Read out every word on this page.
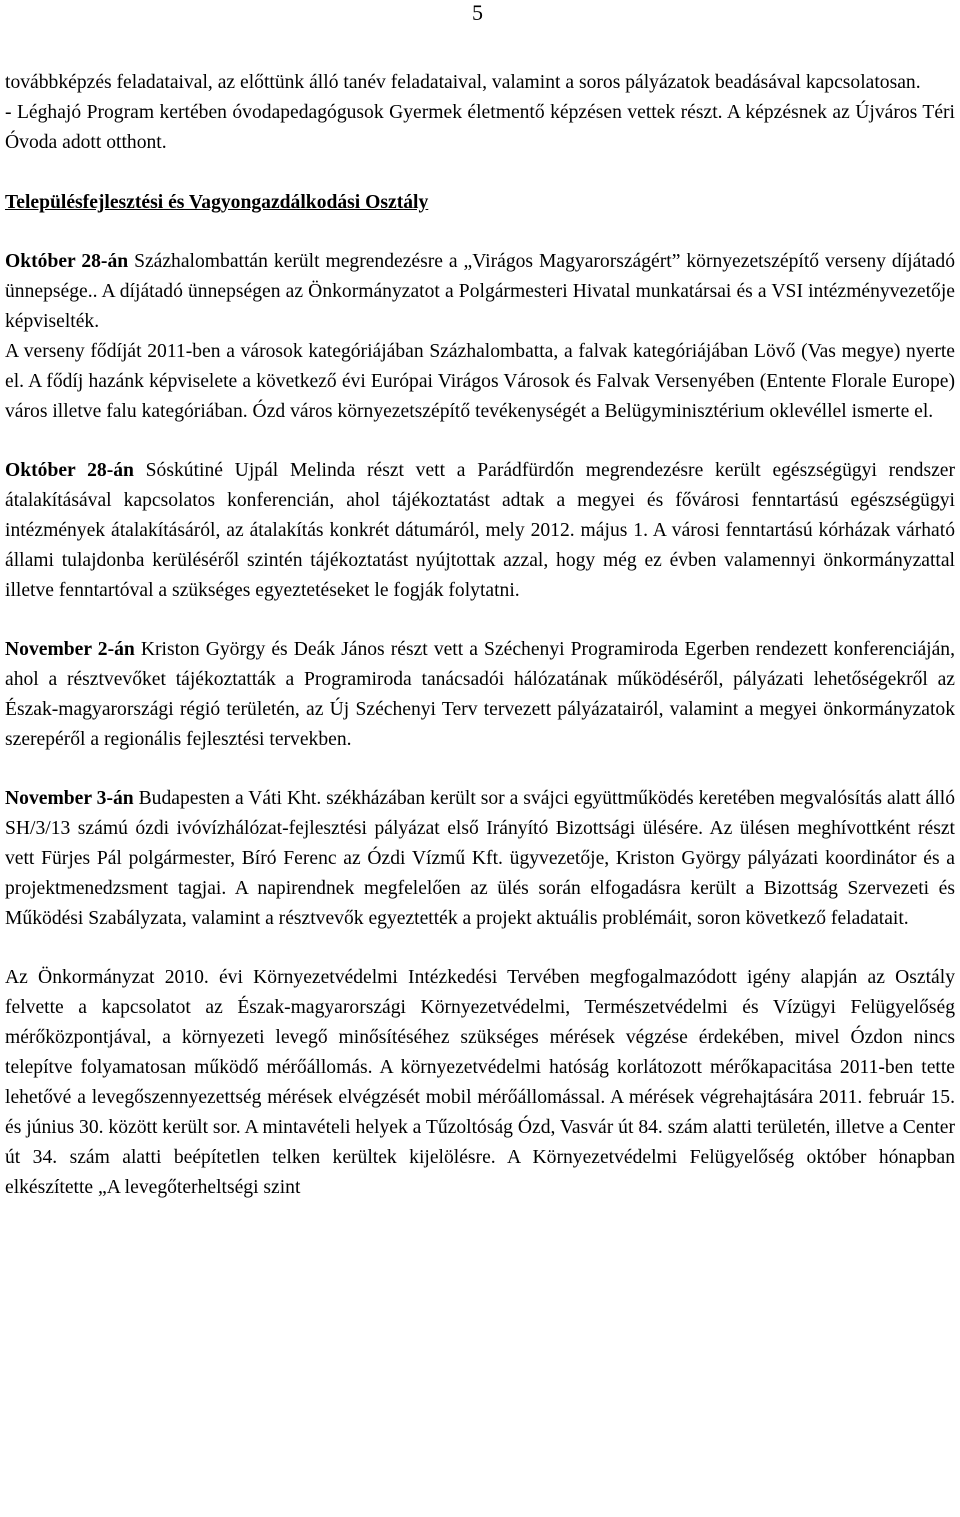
5

továbbképzés feladataival, az előttünk álló tanév feladataival, valamint a soros pályázatok beadásával kapcsolatosan.

- Léghajó Program kertében óvodapedagógusok Gyermek életmentő képzésen vettek részt. A képzésnek az Újváros Téri Óvoda adott otthont.

Településfejlesztési és Vagyongazdálkodási Osztály

Október 28-án Százhalombattán került megrendezésre a „Virágos Magyarországért” környezetszépítő verseny díjátadó ünnepsége.. A díjátadó ünnepségen az Önkormányzatot a Polgármesteri Hivatal munkatársai és a VSI intézményvezetője képviselték.

A verseny fődíját 2011-ben a városok kategóriájában Százhalombatta, a falvak kategóriájában Lövő (Vas megye) nyerte el. A fődíj hazánk képviselete a következő évi Európai Virágos Városok és Falvak Versenyében (Entente Florale Europe) város illetve falu kategóriában. Ózd város környezetszépítő tevékenységét a Belügyminisztérium oklevéllel ismerte el.

Október 28-án Sóskútiné Ujpál Melinda részt vett a Parádfürdőn megrendezésre került egészségügyi rendszer átalakításával kapcsolatos konferencián, ahol tájékoztatást adtak a megyei és fővárosi fenntartású egészségügyi intézmények átalakításáról, az átalakítás konkrét dátumáról, mely 2012. május 1. A városi fenntartású kórházak várható állami tulajdonba kerüléséről szintén tájékoztatást nyújtottak azzal, hogy még ez évben valamennyi önkormányzattal illetve fenntartóval a szükséges egyeztetéseket le fogják folytatni.

November 2-án Kriston György és Deák János részt vett a Széchenyi Programiroda Egerben rendezett konferenciáján, ahol a résztvevőket tájékoztatták a Programiroda tanácsadói hálózatának működéséről, pályázati lehetőségekről az Észak-magyarországi régió területén, az Új Széchenyi Terv tervezett pályázatairól, valamint a megyei önkormányzatok szerepéről a regionális fejlesztési tervekben.

November 3-án Budapesten a Váti Kht. székházában került sor a svájci együttműködés keretében megvalósítás alatt álló SH/3/13 számú ózdi ivóvízhálózat-fejlesztési pályázat első Irányító Bizottsági ülésére. Az ülésen meghívottként részt vett Fürjes Pál polgármester, Bíró Ferenc az Ózdi Vízmű Kft. ügyvezetője, Kriston György pályázati koordinátor és a projektmenedzsment tagjai. A napirendnek megfelelően az ülés során elfogadásra került a Bizottság Szervezeti és Működési Szabályzata, valamint a résztvevők egyeztették a projekt aktuális problémáit, soron következő feladatait.

Az Önkormányzat 2010. évi Környezetvédelmi Intézkedési Tervében megfogalmazódott igény alapján az Osztály felvette a kapcsolatot az Észak-magyarországi Környezetvédelmi, Természetvédelmi és Vízügyi Felügyelőség mérőközpontjával, a környezeti levegő minősítéséhez szükséges mérések végzése érdekében, mivel Ózdon nincs telepítve folyamatosan működő mérőállomás. A környezetvédelmi hatóság korlátozott mérőkapacitása 2011-ben tette lehetővé a levegőszennyezettség mérések elvégzését mobil mérőállomással. A mérések végrehajtására 2011. február 15. és június 30. között került sor. A mintavételi helyek a Tűzoltóság Ózd, Vasvár út 84. szám alatti területén, illetve a Center út 34. szám alatti beépítetlen telken kerültek kijelölésre. A Környezetvédelmi Felügyelőség október hónapban elkészítette „A levegőterheltségi szint
